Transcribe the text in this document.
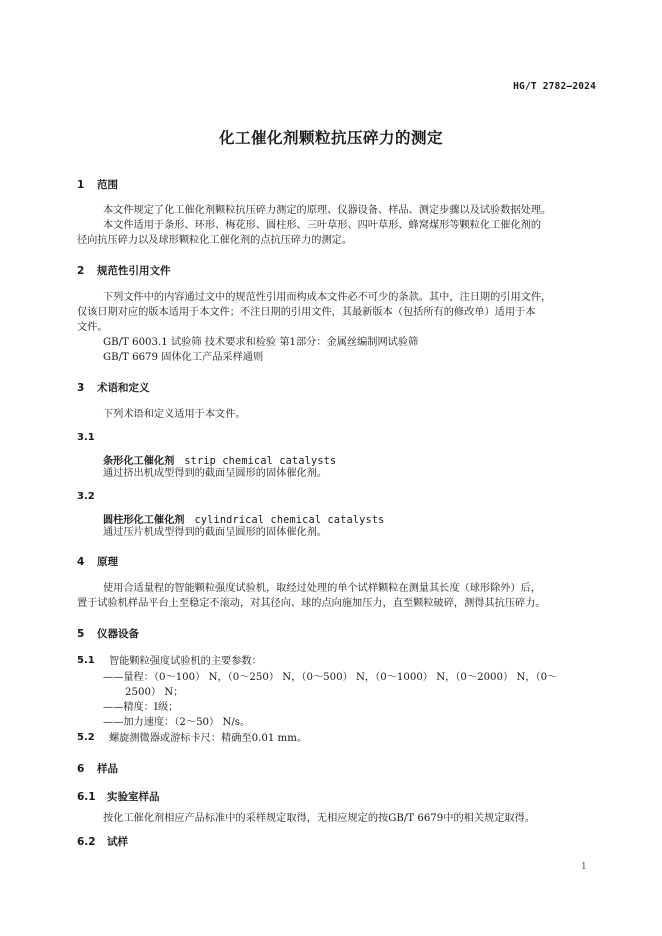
HG/T 2782—2024
化工催化剂颗粒抗压碎力的测定
1 范围
本文件规定了化工催化剂颗粒抗压碎力测定的原理、仪器设备、样品、测定步骤以及试验数据处理。
本文件适用于条形、环形、梅花形、圆柱形、三叶草形、四叶草形、蜂窝煤形等颗粒化工催化剂的
径向抗压碎力以及球形颗粒化工催化剂的点抗压碎力的测定。
2 规范性引用文件
下列文件中的内容通过文中的规范性引用而构成本文件必不可少的条款。其中，注日期的引用文件，
仅该日期对应的版本适用于本文件；不注日期的引用文件，其最新版本（包括所有的修改单）适用于本
文件。
GB/T 6003.1 试验筛 技术要求和检验 第1部分：金属丝编制网试验筛
GB/T 6679 固体化工产品采样通则
3 术语和定义
下列术语和定义适用于本文件。
3.1
条形化工催化剂 strip chemical catalysts
通过挤出机成型得到的截面呈圆形的固体催化剂。
3.2
圆柱形化工催化剂 cylindrical chemical catalysts
通过压片机成型得到的截面呈圆形的固体催化剂。
4 原理
使用合适量程的智能颗粒强度试验机，取经过处理的单个试样颗粒在测量其长度（球形除外）后，
置于试验机样品平台上至稳定不滚动，对其径向、球的点向施加压力，直至颗粒破碎，测得其抗压碎力。
5 仪器设备
5.1 智能颗粒强度试验机的主要参数：
——量程：（0～100） N，（0～250） N，（0～500） N，（0～1000） N，（0～2000） N，（0～
2500） N；
——精度：Ⅰ级；
——加力速度：（2～50） N/s。
5.2 螺旋测微器或游标卡尺：精确至0.01 mm。
6 样品
6.1 实验室样品
按化工催化剂相应产品标准中的采样规定取得，无相应规定的按GB/T 6679中的相关规定取得。
6.2 试样
1
